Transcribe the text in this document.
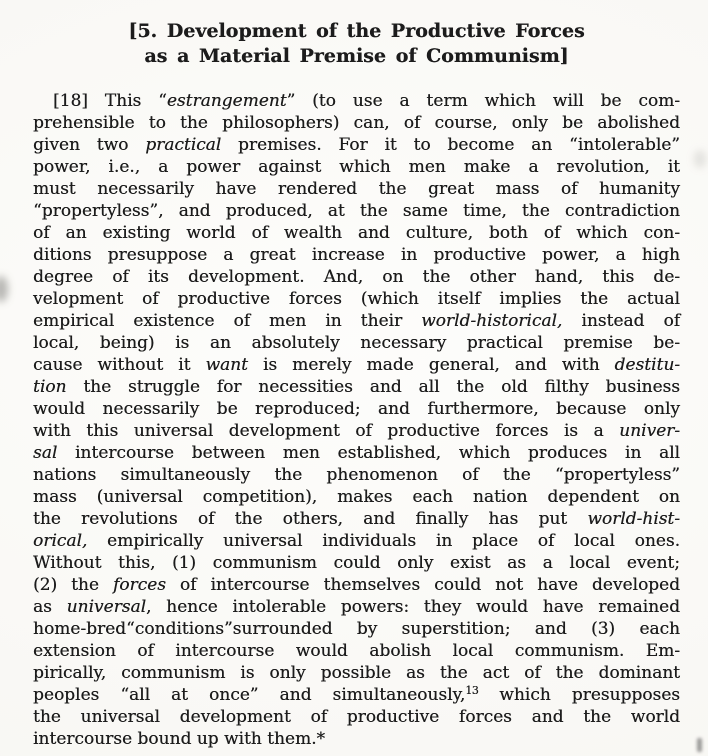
[5. Development of the Productive Forces
as a Material Premise of Communism]
[18] This “estrangement” (to use a term which will be com-
prehensible to the philosophers) can, of course, only be abolished
given two practical premises. For it to become an “intolerable”
power, i.e., a power against which men make a revolution, it
must necessarily have rendered the great mass of humanity
“propertyless”, and produced, at the same time, the contradiction
of an existing world of wealth and culture, both of which con-
ditions presuppose a great increase in productive power, a high
degree of its development. And, on the other hand, this de-
velopment of productive forces (which itself implies the actual
empirical existence of men in their world-historical, instead of
local, being) is an absolutely necessary practical premise be-
cause without it want is merely made general, and with destitu-
tion the struggle for necessities and all the old filthy business
would necessarily be reproduced; and furthermore, because only
with this universal development of productive forces is a univer-
sal intercourse between men established, which produces in all
nations simultaneously the phenomenon of the “propertyless”
mass (universal competition), makes each nation dependent on
the revolutions of the others, and finally has put world-hist-
orical, empirically universal individuals in place of local ones.
Without this, (1) communism could only exist as a local event;
(2) the forces of intercourse themselves could not have developed
as universal, hence intolerable powers: they would have remained
home-bred“conditions”surrounded by superstition; and (3) each
extension of intercourse would abolish local communism. Em-
pirically, communism is only possible as the act of the dominant
peoples “all at once” and simultaneously,$^{13}$ which presupposes
the universal development of productive forces and the world
intercourse bound up with them.*
